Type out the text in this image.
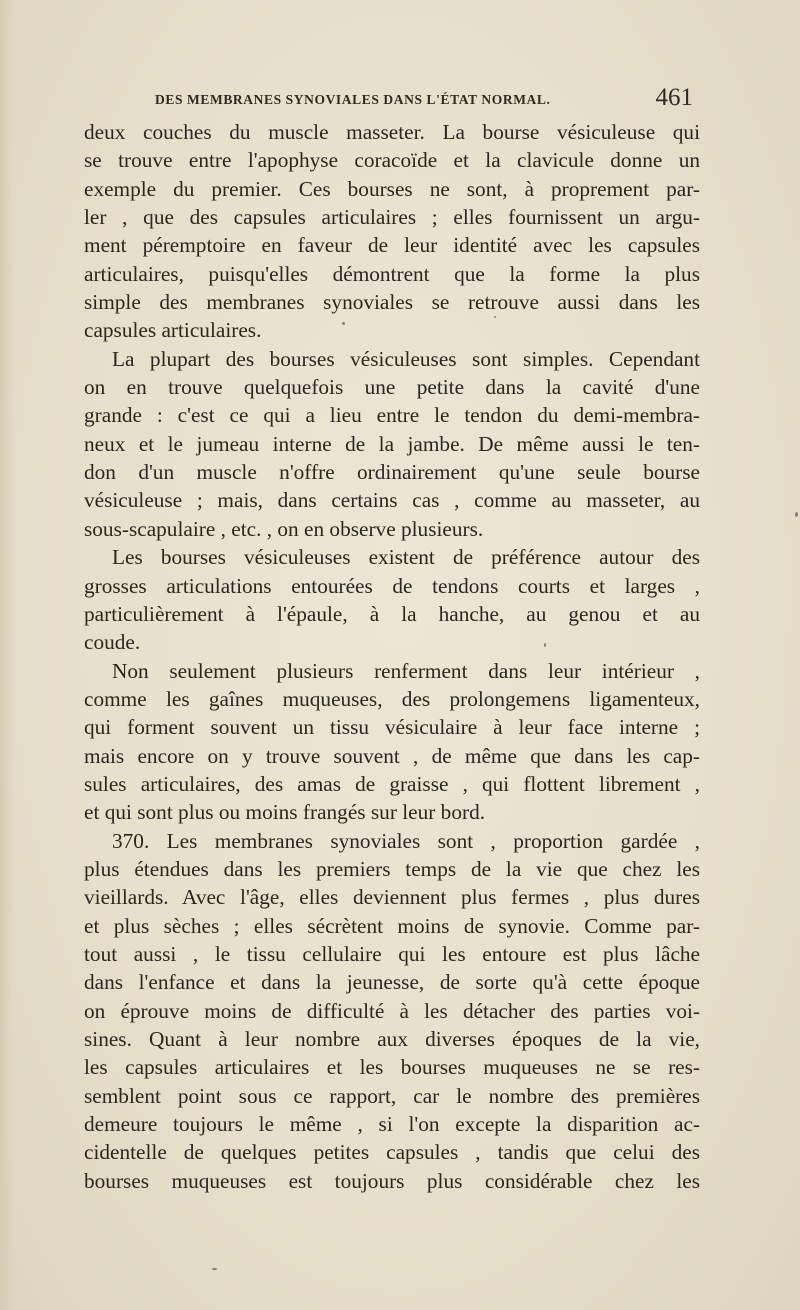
DES MEMBRANES SYNOVIALES DANS L'ÉTAT NORMAL.	461
deux couches du muscle masseter. La bourse vésiculeuse qui
se trouve entre l'apophyse coracoïde et la clavicule donne un
exemple du premier. Ces bourses ne sont, à proprement par-
ler , que des capsules articulaires ; elles fournissent un argu-
ment péremptoire en faveur de leur identité avec les capsules
articulaires, puisqu'elles démontrent que la forme la plus
simple des membranes synoviales se retrouve aussi dans les
capsules articulaires.
La plupart des bourses vésiculeuses sont simples. Cependant
on en trouve quelquefois une petite dans la cavité d'une
grande : c'est ce qui a lieu entre le tendon du demi-membra-
neux et le jumeau interne de la jambe. De même aussi le ten-
don d'un muscle n'offre ordinairement qu'une seule bourse
vésiculeuse ; mais, dans certains cas , comme au masseter, au
sous-scapulaire , etc. , on en observe plusieurs.
Les bourses vésiculeuses existent de préférence autour des
grosses articulations entourées de tendons courts et larges ,
particulièrement à l'épaule, à la hanche, au genou et au
coude.
Non seulement plusieurs renferment dans leur intérieur ,
comme les gaînes muqueuses, des prolongemens ligamenteux,
qui forment souvent un tissu vésiculaire à leur face interne ;
mais encore on y trouve souvent , de même que dans les cap-
sules articulaires, des amas de graisse , qui flottent librement ,
et qui sont plus ou moins frangés sur leur bord.
370. Les membranes synoviales sont , proportion gardée ,
plus étendues dans les premiers temps de la vie que chez les
vieillards. Avec l'âge, elles deviennent plus fermes , plus dures
et plus sèches ; elles sécrètent moins de synovie. Comme par-
tout aussi , le tissu cellulaire qui les entoure est plus lâche
dans l'enfance et dans la jeunesse, de sorte qu'à cette époque
on éprouve moins de difficulté à les détacher des parties voi-
sines. Quant à leur nombre aux diverses époques de la vie,
les capsules articulaires et les bourses muqueuses ne se res-
semblent point sous ce rapport, car le nombre des premières
demeure toujours le même , si l'on excepte la disparition ac-
cidentelle de quelques petites capsules , tandis que celui des
bourses muqueuses est toujours plus considérable chez les
